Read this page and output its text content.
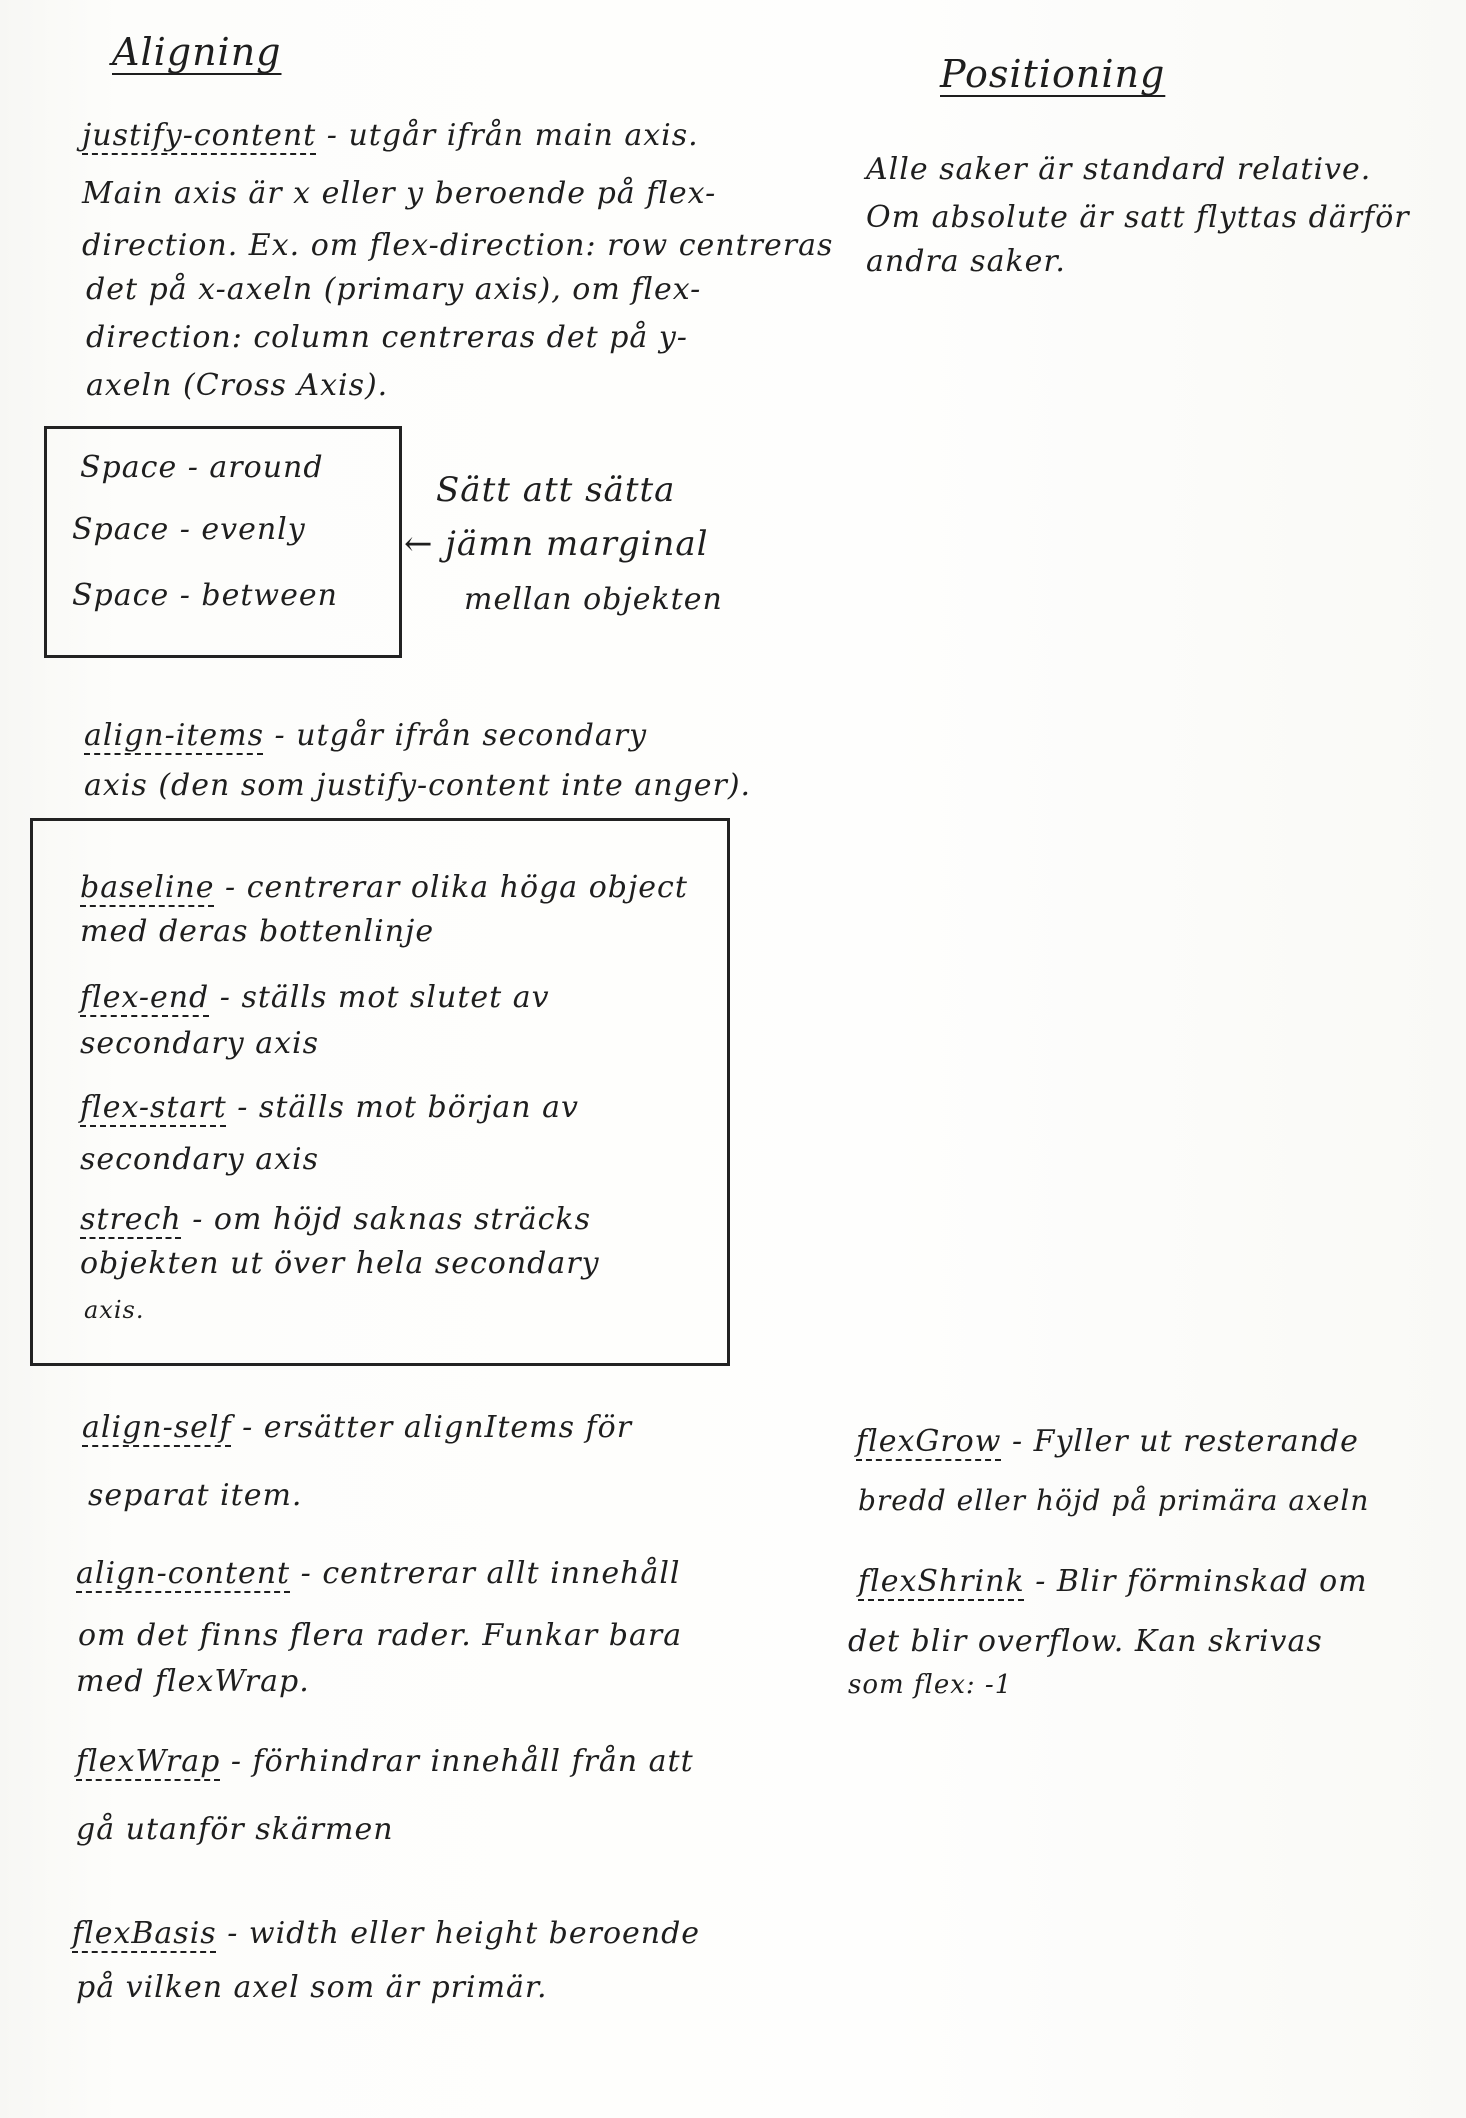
Aligning
justify-content - utgår ifrån main axis.
Main axis är x eller y beroende på flex-
direction. Ex. om flex-direction: row centreras
det på x-axeln (primary axis), om flex-
direction: column centreras det på y-
axeln (Cross Axis).
Space - around
Space - evenly
Space - between
Sätt att sätta
← jämn marginal
mellan objekten
align-items - utgår ifrån secondary
axis (den som justify-content inte anger).
baseline - centrerar olika höga object
med deras bottenlinje
flex-end - ställs mot slutet av
secondary axis
flex-start - ställs mot början av
secondary axis
strech - om höjd saknas sträcks
objekten ut över hela secondary
axis.
align-self - ersätter alignItems för
separat item.
align-content - centrerar allt innehåll
om det finns flera rader. Funkar bara
med flexWrap.
flexWrap - förhindrar innehåll från att
gå utanför skärmen
flexBasis - width eller height beroende
på vilken axel som är primär.
Positioning
Alle saker är standard relative.
Om absolute är satt flyttas därför
andra saker.
flexGrow - Fyller ut resterande
bredd eller höjd på primära axeln
flexShrink - Blir förminskad om
det blir overflow. Kan skrivas
som flex: -1
